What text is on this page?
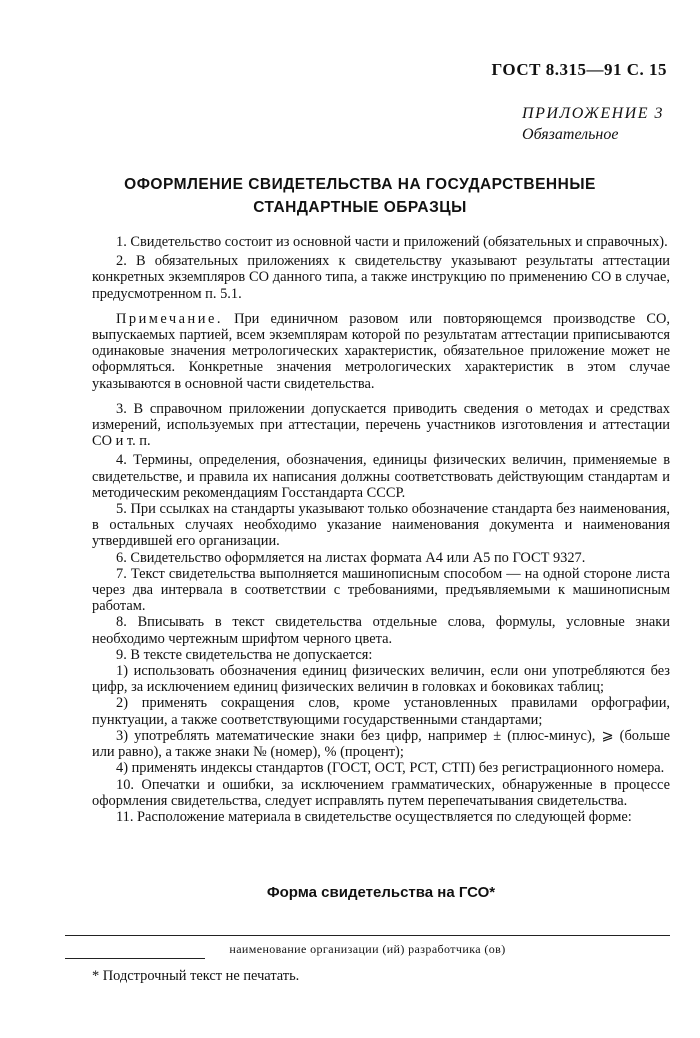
ГОСТ 8.315—91 С. 15
ПРИЛОЖЕНИЕ 3
Обязательное
ОФОРМЛЕНИЕ СВИДЕТЕЛЬСТВА НА ГОСУДАРСТВЕННЫЕ
СТАНДАРТНЫЕ ОБРАЗЦЫ

1. Свидетельство состоит из основной части и приложений (обязательных и справочных).

2. В обязательных приложениях к свидетельству указывают результаты аттестации конкретных экземпляров СО данного типа, а также инструкцию по применению СО в случае, предусмотренном п. 5.1.

Примечание. При единичном разовом или повторяющемся производстве СО, выпускаемых партией, всем экземплярам которой по результатам аттестации приписываются одинаковые значения метрологических характеристик, обязательное приложение может не оформляться. Конкретные значения метрологических характеристик в этом случае указываются в основной части свидетельства.

3. В справочном приложении допускается приводить сведения о методах и средствах измерений, используемых при аттестации, перечень участников изготовления и аттестации СО и т. п.

4. Термины, определения, обозначения, единицы физических величин, применяемые в свидетельстве, и правила их написания должны соответствовать действующим стандартам и методическим рекомендациям Госстандарта СССР.

5. При ссылках на стандарты указывают только обозначение стандарта без наименования, в остальных случаях необходимо указание наименования документа и наименования утвердившей его организации.

6. Свидетельство оформляется на листах формата А4 или А5 по ГОСТ 9327.

7. Текст свидетельства выполняется машинописным способом — на одной стороне листа через два интервала в соответствии с требованиями, предъявляемыми к машинописным работам.

8. Вписывать в текст свидетельства отдельные слова, формулы, условные знаки необходимо чертежным шрифтом черного цвета.

9. В тексте свидетельства не допускается:

1) использовать обозначения единиц физических величин, если они употребляются без цифр, за исключением единиц физических величин в головках и боковиках таблиц;

2) применять сокращения слов, кроме установленных правилами орфографии, пунктуации, а также соответствующими государственными стандартами;

3) употреблять математические знаки без цифр, например ± (плюс-минус), ⩾ (больше или равно), а также знаки № (номер), % (процент);

4) применять индексы стандартов (ГОСТ, ОСТ, РСТ, СТП) без регистрационного номера.

10. Опечатки и ошибки, за исключением грамматических, обнаруженные в процессе оформления свидетельства, следует исправлять путем перепечатывания свидетельства.

11. Расположение материала в свидетельстве осуществляется по следующей форме:

Форма свидетельства на ГСО*
наименование организации (ий) разработчика (ов)
* Подстрочный текст не печатать.
